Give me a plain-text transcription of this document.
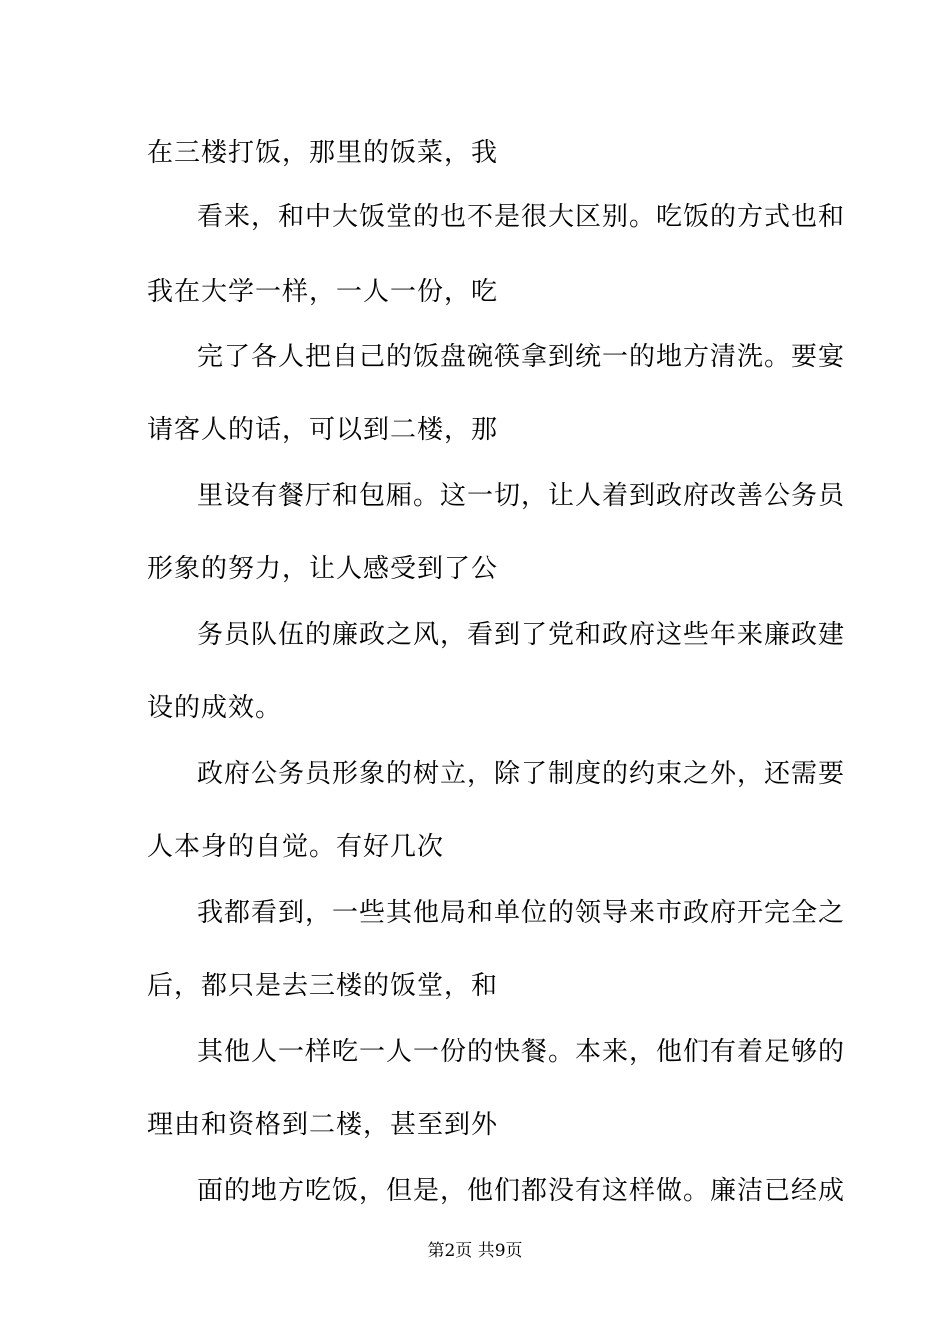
在三楼打饭，那里的饭菜，我
看来，和中大饭堂的也不是很大区别。吃饭的方式也和
我在大学一样，一人一份，吃
完了各人把自己的饭盘碗筷拿到统一的地方清洗。要宴
请客人的话，可以到二楼，那
里设有餐厅和包厢。这一切，让人着到政府改善公务员
形象的努力，让人感受到了公
务员队伍的廉政之风，看到了党和政府这些年来廉政建
设的成效。
政府公务员形象的树立，除了制度的约束之外，还需要
人本身的自觉。有好几次
我都看到，一些其他局和单位的领导来市政府开完全之
后，都只是去三楼的饭堂，和
其他人一样吃一人一份的快餐。本来，他们有着足够的
理由和资格到二楼，甚至到外
面的地方吃饭，但是，他们都没有这样做。廉洁已经成
第2页 共9页
